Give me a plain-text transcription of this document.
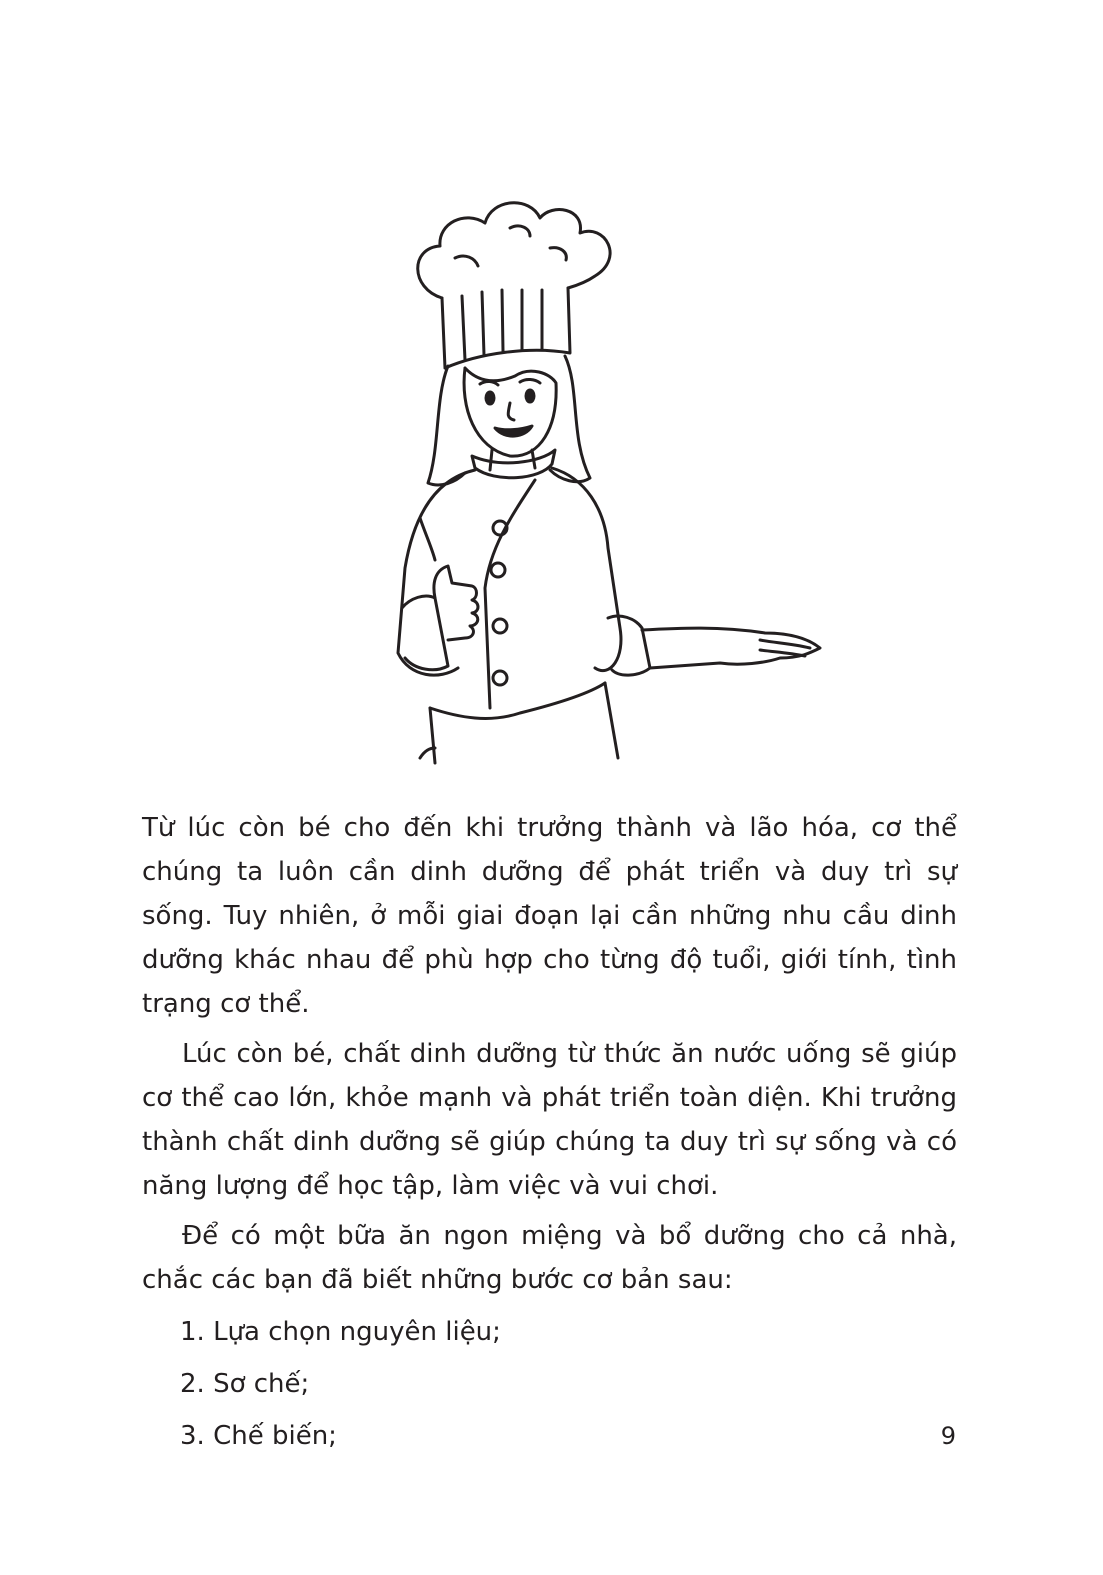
Từ lúc còn bé cho đến khi trưởng thành và lão hóa, cơ thể chúng ta luôn cần dinh dưỡng để phát triển và duy trì sự sống. Tuy nhiên, ở mỗi giai đoạn lại cần những nhu cầu dinh dưỡng khác nhau để phù hợp cho từng độ tuổi, giới tính, tình trạng cơ thể.

Lúc còn bé, chất dinh dưỡng từ thức ăn nước uống sẽ giúp cơ thể cao lớn, khỏe mạnh và phát triển toàn diện. Khi trưởng thành chất dinh dưỡng sẽ giúp chúng ta duy trì sự sống và có năng lượng để học tập, làm việc và vui chơi.

Để có một bữa ăn ngon miệng và bổ dưỡng cho cả nhà, chắc các bạn đã biết những bước cơ bản sau:

1. Lựa chọn nguyên liệu;
2. Sơ chế;
3. Chế biến;	9
